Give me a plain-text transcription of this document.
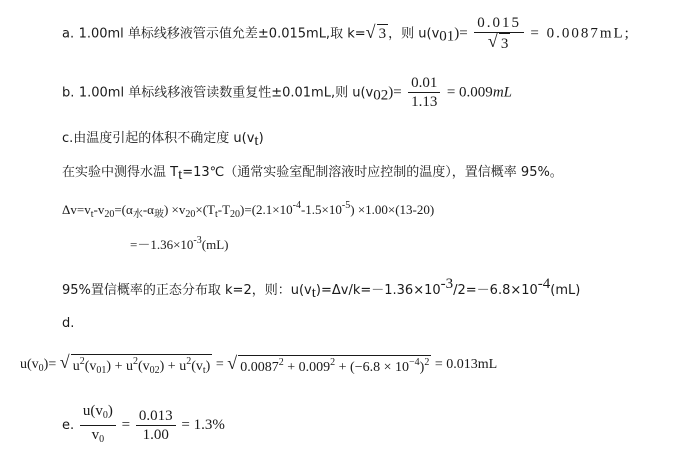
a. 1.00ml 单标线移液管示值允差±0.015mL,取 k= √ 3 ，则 $u(v_{01})= \frac{0.015}{√ 3} = 0.0087mL$;
b. 1.00ml 单标线移液管读数重复性±0.01mL,则 $u(v_{02})= \frac{0.01}{1.13} = 0.009mL$
c.由温度引起的体积不确定度 $u(v_t)$
在实验中测得水温 $T_t=13℃$（通常实验室配制溶液时应控制的温度），置信概率 95%。
$\Delta v=v_t-v_{20}=(\alpha_水-\alpha_玻) \times v_{20}\times(T_t-T_{20})=(2.1\times 10^{-4}-1.5\times 10^{-5}) \times 1.00\times(13-20)$
$=-1.36\times 10^{-3}(mL)$
95%置信概率的正态分布取 k=2，则：$u(v_t)=\Delta v/k=-1.36\times 10^{-3}/2=-6.8\times 10^{-4}(mL)$
d.
$u(v_0)=$ √ $u^2(v_{01}) + u^2(v_{02}) + u^2(v_t)$ = √ $0.0087^2 + 0.009^2 + (-6.8 \times 10^{-4})^2 = 0.013mL$
e. $\frac{u(v_0)}{v_0} = \frac{0.013}{1.00} = 1.3\%$
